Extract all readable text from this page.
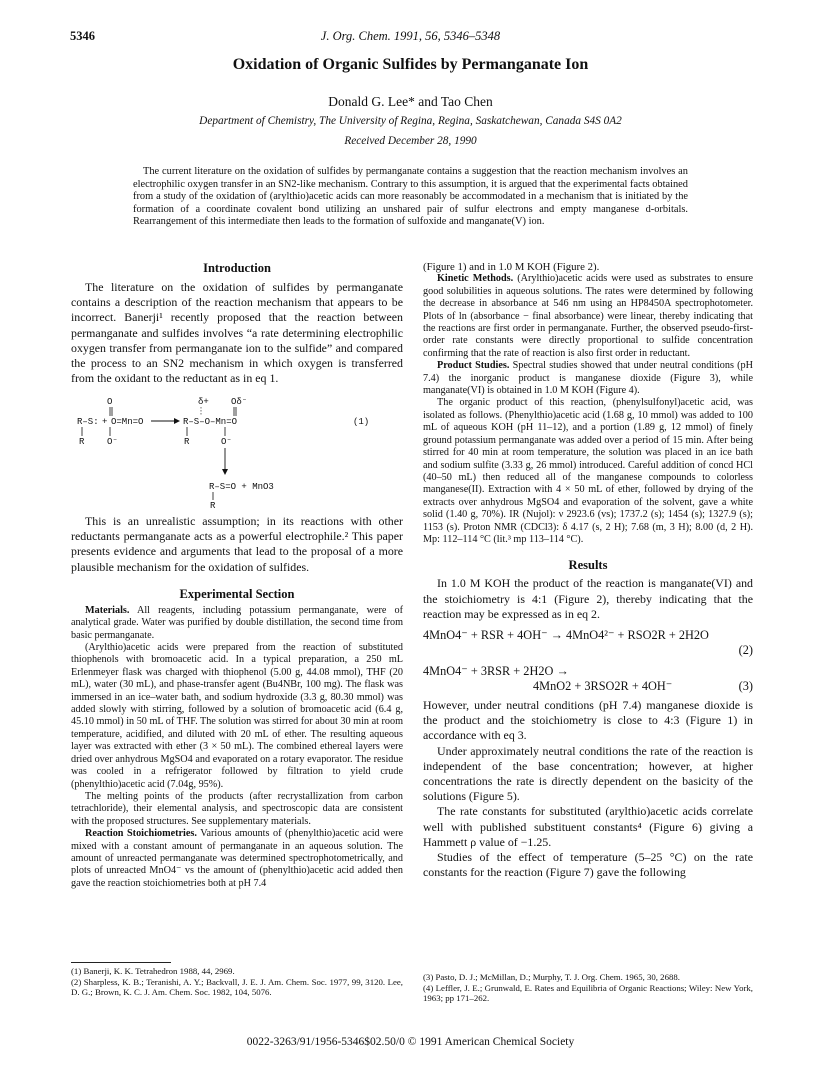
5346	J. Org. Chem. 1991, 56, 5346–5348
Oxidation of Organic Sulfides by Permanganate Ion
Donald G. Lee* and Tao Chen
Department of Chemistry, The University of Regina, Regina, Saskatchewan, Canada S4S 0A2
Received December 28, 1990
The current literature on the oxidation of sulfides by permanganate contains a suggestion that the reaction mechanism involves an electrophilic oxygen transfer in an SN2-like mechanism. Contrary to this assumption, it is argued that the experimental facts obtained from a study of the oxidation of (arylthio)acetic acids can more reasonably be accommodated in a mechanism that is initiated by the formation of a coordinate covalent bond utilizing an unshared pair of sulfur electrons and empty manganese d-orbitals. Rearrangement of this intermediate then leads to the formation of sulfoxide and manganate(V) ion.
Introduction

The literature on the oxidation of sulfides by permanganate contains a description of the reaction mechanism that appears to be incorrect. Banerji¹ recently proposed that the reaction between permanganate and sulfides involves “a rate determining electrophilic oxygen transfer from permanganate ion to the sulfide” and compared the process to an SN2 mechanism in which oxygen is transferred from the oxidant to the reductant as in eq 1.

O
R–S: + O=Mn=O
O⁻
R
δ+ Oδ⁻
R–S–O–Mn=O
R	O⁻
(1)
R–S=O + MnO3
R

This is an unrealistic assumption; in its reactions with other reductants permanganate acts as a powerful electrophile.² This paper presents evidence and arguments that lead to the proposal of a more plausible mechanism for the oxidation of sulfides.

Experimental Section

Materials. All reagents, including potassium permanganate, were of analytical grade. Water was purified by double distillation, the second time from basic permanganate.

(Arylthio)acetic acids were prepared from the reaction of substituted thiophenols with bromoacetic acid. In a typical preparation, a 250 mL Erlenmeyer flask was charged with thiophenol (5.00 g, 44.08 mmol), THF (20 mL), water (30 mL), and phase-transfer agent (Bu4NBr, 100 mg). The flask was immersed in an ice–water bath, and sodium hydroxide (3.3 g, 80.30 mmol) was added slowly with stirring, followed by a solution of bromoacetic acid (6.4 g, 45.10 mmol) in 50 mL of THF. The solution was stirred for about 30 min at room temperature, acidified, and diluted with 20 mL of ether. The resulting aqueous layer was extracted with ether (3 × 50 mL). The combined ethereal layers were dried over anhydrous MgSO4 and evaporated on a rotary evaporator. The residue was cooled in a refrigerator followed by filtration to yield crude (phenylthio)acetic acid (7.04g, 95%).

The melting points of the products (after recrystallization from carbon tetrachloride), their elemental analysis, and spectroscopic data are consistent with the proposed structures. See supplementary materials.

Reaction Stoichiometries. Various amounts of (phenylthio)acetic acid were mixed with a constant amount of permanganate in an aqueous solution. The amount of unreacted permanganate was determined spectrophotometrically, and plots of unreacted MnO4⁻ vs the amount of (phenylthio)acetic acid added then gave the reaction stoichiometries both at pH 7.4

(Figure 1) and in 1.0 M KOH (Figure 2).

Kinetic Methods. (Arylthio)acetic acids were used as substrates to ensure good solubilities in aqueous solutions. The rates were determined by following the decrease in absorbance at 546 nm using an HP8450A spectrophotometer. Plots of ln (absorbance − final absorbance) were linear, thereby indicating that the reactions are first order in permanganate. Further, the observed pseudo-first-order rate constants were directly proportional to sulfide concentration confirming that the rate of reaction is also first order in reductant.

Product Studies. Spectral studies showed that under neutral conditions (pH 7.4) the inorganic product is manganese dioxide (Figure 3), while manganate(VI) is obtained in 1.0 M KOH (Figure 4).

The organic product of this reaction, (phenylsulfonyl)acetic acid, was isolated as follows. (Phenylthio)acetic acid (1.68 g, 10 mmol) was added to 100 mL of aqueous KOH (pH 11–12), and a portion (1.89 g, 12 mmol) of finely ground potassium permanganate was added over a period of 15 min. After being stirred for 40 min at room temperature, the solution was placed in an ice bath and sodium sulfite (3.33 g, 26 mmol) introduced. Careful addition of concd HCl (40–50 mL) then reduced all of the manganese compounds to colorless manganese(II). Extraction with 4 × 50 mL of ether, followed by drying of the extracts over anhydrous MgSO4 and evaporation of the solvent, gave a white solid (1.40 g, 70%). IR (Nujol): ν 2923.6 (vs); 1737.2 (s); 1454 (s); 1327.9 (s); 1153 (s). Proton NMR (CDCl3): δ 4.17 (s, 2 H); 7.68 (m, 3 H); 8.00 (d, 2 H). Mp: 112–114 °C (lit.³ mp 113–114 °C).

Results

In 1.0 M KOH the product of the reaction is manganate(VI) and the stoichiometry is 4:1 (Figure 2), thereby indicating that the reaction may be expressed as in eq 2.

4MnO4⁻ + RSR + 4OH⁻ → 4MnO4²⁻ + RSO2R + 2H2O
(2)
4MnO4⁻ + 3RSR + 2H2O →
4MnO2 + 3RSO2R + 4OH⁻	(3)

However, under neutral conditions (pH 7.4) manganese dioxide is the product and the stoichiometry is close to 4:3 (Figure 1) in accordance with eq 3.

Under approximately neutral conditions the rate of the reaction is independent of the base concentration; however, at higher concentrations the rate is directly dependent on the basicity of the solutions (Figure 5).

The rate constants for substituted (arylthio)acetic acids correlate well with published substituent constants⁴ (Figure 6) giving a Hammett ρ value of −1.25.

Studies of the effect of temperature (5–25 °C) on the rate constants for the reaction (Figure 7) gave the following

(1) Banerji, K. K. Tetrahedron 1988, 44, 2969.

(2) Sharpless, K. B.; Teranishi, A. Y.; Backvall, J. E. J. Am. Chem. Soc. 1977, 99, 3120. Lee, D. G.; Brown, K. C. J. Am. Chem. Soc. 1982, 104, 5076.

(3) Pasto, D. J.; McMillan, D.; Murphy, T. J. Org. Chem. 1965, 30, 2688.

(4) Leffler, J. E.; Grunwald, E. Rates and Equilibria of Organic Reactions; Wiley: New York, 1963; pp 171–262.

0022-3263/91/1956-5346$02.50/0 © 1991 American Chemical Society
